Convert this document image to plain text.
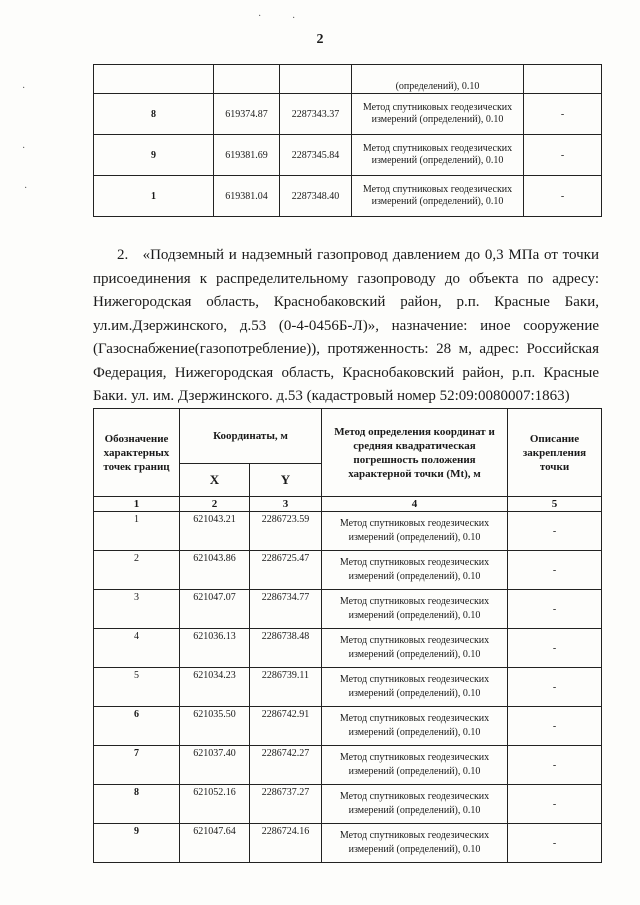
2
·	·
·
·
·
			(определений), 0.10	
8	619374.87	2287343.37	Метод спутниковых геодезических измерений (определений), 0.10	-
9	619381.69	2287345.84	Метод спутниковых геодезических измерений (определений), 0.10	-
1	619381.04	2287348.40	Метод спутниковых геодезических измерений (определений), 0.10	-
2. «Подземный и надземный газопровод давлением до 0,3 МПа от точки присоединения к распределительному газопроводу до объекта по адресу: Нижегородская область, Краснобаковский район, р.п. Красные Баки, ул.им.Дзержинского, д.53 (0-4-0456Б-Л)», назначение: иное сооружение (Газоснабжение(газопотребление)), протяженность: 28 м, адрес: Российская Федерация, Нижегородская область, Краснобаковский район, р.п. Красные Баки. ул. им. Дзержинского. д.53 (кадастровый номер 52:09:0080007:1863)
Обозначение характерных точек границ	Координаты, м		Метод определения координат и средняя квадратическая погрешность положения характерной точки (Mt), м	Описание закрепления точки
	X	Y		
1	2	3	4	5
1	621043.21	2286723.59	Метод спутниковых геодезических измерений (определений), 0.10	-
2	621043.86	2286725.47	Метод спутниковых геодезических измерений (определений), 0.10	-
3	621047.07	2286734.77	Метод спутниковых геодезических измерений (определений), 0.10	-
4	621036.13	2286738.48	Метод спутниковых геодезических измерений (определений), 0.10	-
5	621034.23	2286739.11	Метод спутниковых геодезических измерений (определений), 0.10	-
6	621035.50	2286742.91	Метод спутниковых геодезических измерений (определений), 0.10	-
7	621037.40	2286742.27	Метод спутниковых геодезических измерений (определений), 0.10	-
8	621052.16	2286737.27	Метод спутниковых геодезических измерений (определений), 0.10	-
9	621047.64	2286724.16	Метод спутниковых геодезических измерений (определений), 0.10	-
